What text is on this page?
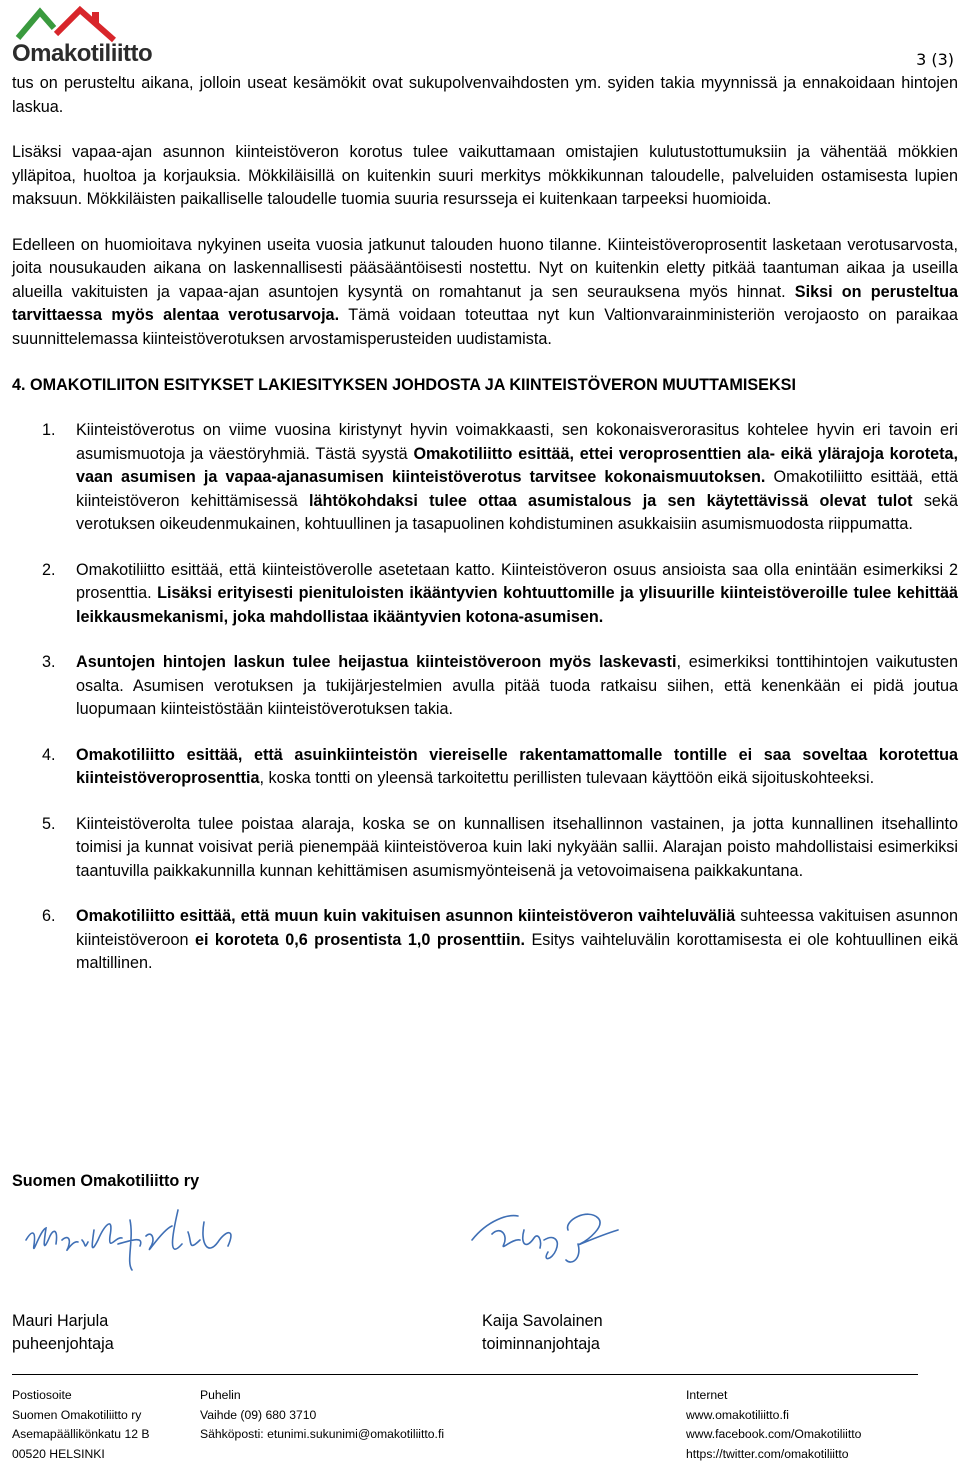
Omakotiliitto	3 (3)

tus on perusteltu aikana, jolloin useat kesämökit ovat sukupolvenvaihdosten ym. syiden takia myynnissä ja ennakoidaan hintojen laskua.

Lisäksi vapaa-ajan asunnon kiinteistöveron korotus tulee vaikuttamaan omistajien kulutustottumuksiin ja vähentää mökkien ylläpitoa, huoltoa ja korjauksia. Mökkiläisillä on kuitenkin suuri merkitys mökkikunnan taloudelle, palveluiden ostamisesta lupien maksuun. Mökkiläisten paikalliselle taloudelle tuomia suuria resursseja ei kuitenkaan tarpeeksi huomioida.

Edelleen on huomioitava nykyinen useita vuosia jatkunut talouden huono tilanne. Kiinteistöveroprosentit lasketaan verotusarvosta, joita nousukauden aikana on laskennallisesti pääsääntöisesti nostettu. Nyt on kuitenkin eletty pitkää taantuman aikaa ja useilla alueilla vakituisten ja vapaa-ajan asuntojen kysyntä on romahtanut ja sen seurauksena myös hinnat. Siksi on perusteltua tarvittaessa myös alentaa verotusarvoja. Tämä voidaan toteuttaa nyt kun Valtionvarainministeriön verojaosto on paraikaa suunnittelemassa kiinteistöverotuksen arvostamisperusteiden uudistamista.

4. OMAKOTILIITON ESITYKSET LAKIESITYKSEN JOHDOSTA JA KIINTEISTÖVERON MUUTTAMISEKSI
1. Kiinteistöverotus on viime vuosina kiristynyt hyvin voimakkaasti, sen kokonaisverorasitus kohtelee hyvin eri tavoin eri asumismuotoja ja väestöryhmiä. Tästä syystä Omakotiliitto esittää, ettei veroprosenttien ala- eikä ylärajoja koroteta, vaan asumisen ja vapaa-ajanasumisen kiinteistöverotus tarvitsee kokonaismuutoksen. Omakotiliitto esittää, että kiinteistöveron kehittämisessä lähtökohdaksi tulee ottaa asumistalous ja sen käytettävissä olevat tulot sekä verotuksen oikeudenmukainen, kohtuullinen ja tasapuolinen kohdistuminen asukkaisiin asumismuodosta riippumatta.
2. Omakotiliitto esittää, että kiinteistöverolle asetetaan katto. Kiinteistöveron osuus ansioista saa olla enintään esimerkiksi 2 prosenttia. Lisäksi erityisesti pienituloisten ikääntyvien kohtuuttomille ja ylisuurille kiinteistöveroille tulee kehittää leikkausmekanismi, joka mahdollistaa ikääntyvien kotona-asumisen.
3. Asuntojen hintojen laskun tulee heijastua kiinteistöveroon myös laskevasti, esimerkiksi tonttihintojen vaikutusten osalta. Asumisen verotuksen ja tukijärjestelmien avulla pitää tuoda ratkaisu siihen, että kenenkään ei pidä joutua luopumaan kiinteistöstään kiinteistöverotuksen takia.
4. Omakotiliitto esittää, että asuinkiinteistön viereiselle rakentamattomalle tontille ei saa soveltaa korotettua kiinteistöveroprosenttia, koska tontti on yleensä tarkoitettu perillisten tulevaan käyttöön eikä sijoituskohteeksi.
5. Kiinteistöverolta tulee poistaa alaraja, koska se on kunnallisen itsehallinnon vastainen, ja jotta kunnallinen itsehallinto toimisi ja kunnat voisivat periä pienempää kiinteistöveroa kuin laki nykyään sallii. Alarajan poisto mahdollistaisi esimerkiksi taantuvilla paikkakunnilla kunnan kehittämisen asumismyönteisenä ja vetovoimaisena paikkakuntana.
6. Omakotiliitto esittää, että muun kuin vakituisen asunnon kiinteistöveron vaihteluväliä suhteessa vakituisen asunnon kiinteistöveroon ei koroteta 0,6 prosentista 1,0 prosenttiin. Esitys vaihteluvälin korottamisesta ei ole kohtuullinen eikä maltillinen.
Suomen Omakotiliitto ry
Mauri Harjula
puheenjohtaja
Kaija Savolainen
toiminnanjohtaja
Postiosoite
Suomen Omakotiliitto ry
Asemapäällikönkatu 12 B
00520 HELSINKI
Puhelin
Vaihde (09) 680 3710
Sähköposti: etunimi.sukunimi@omakotiliitto.fi
Internet
www.omakotiliitto.fi
www.facebook.com/Omakotiliitto
https://twitter.com/omakotiliitto
